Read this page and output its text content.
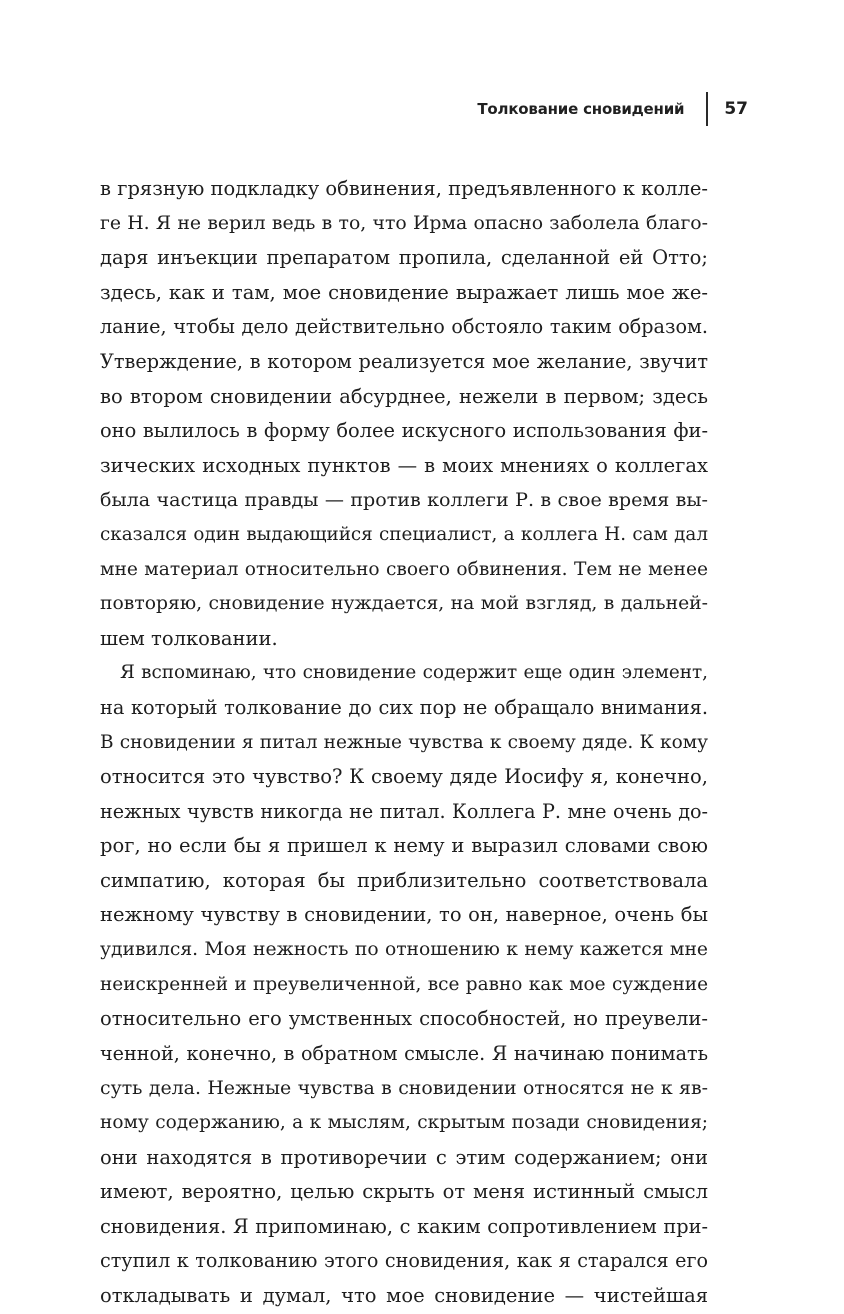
Толкование сновидений 57
в грязную подкладку обвинения, предъявленного к колле-
ге Н. Я не верил ведь в то, что Ирма опасно заболела благо-
даря инъекции препаратом пропила, сделанной ей Отто;
здесь, как и там, мое сновидение выражает лишь мое же-
лание, чтобы дело действительно обстояло таким образом.
Утверждение, в котором реализуется мое желание, звучит
во втором сновидении абсурднее, нежели в первом; здесь
оно вылилось в форму более искусного использования фи-
зических исходных пунктов — в моих мнениях о коллегах
была частица правды — против коллеги Р. в свое время вы-
сказался один выдающийся специалист, а коллега Н. сам дал
мне материал относительно своего обвинения. Тем не менее
повторяю, сновидение нуждается, на мой взгляд, в дальней-
шем толковании.
Я вспоминаю, что сновидение содержит еще один элемент,
на который толкование до сих пор не обращало внимания.
В сновидении я питал нежные чувства к своему дяде. К кому
относится это чувство? К своему дяде Иосифу я, конечно,
нежных чувств никогда не питал. Коллега Р. мне очень до-
рог, но если бы я пришел к нему и выразил словами свою
симпатию, которая бы приблизительно соответствовала
нежному чувству в сновидении, то он, наверное, очень бы
удивился. Моя нежность по отношению к нему кажется мне
неискренней и преувеличенной, все равно как мое суждение
относительно его умственных способностей, но преувели-
ченной, конечно, в обратном смысле. Я начинаю понимать
суть дела. Нежные чувства в сновидении относятся не к яв-
ному содержанию, а к мыслям, скрытым позади сновидения;
они находятся в противоречии с этим содержанием; они
имеют, вероятно, целью скрыть от меня истинный смысл
сновидения. Я припоминаю, с каким сопротивлением при-
ступил к толкованию этого сновидения, как я старался его
откладывать и думал, что мое сновидение — чистейшая
